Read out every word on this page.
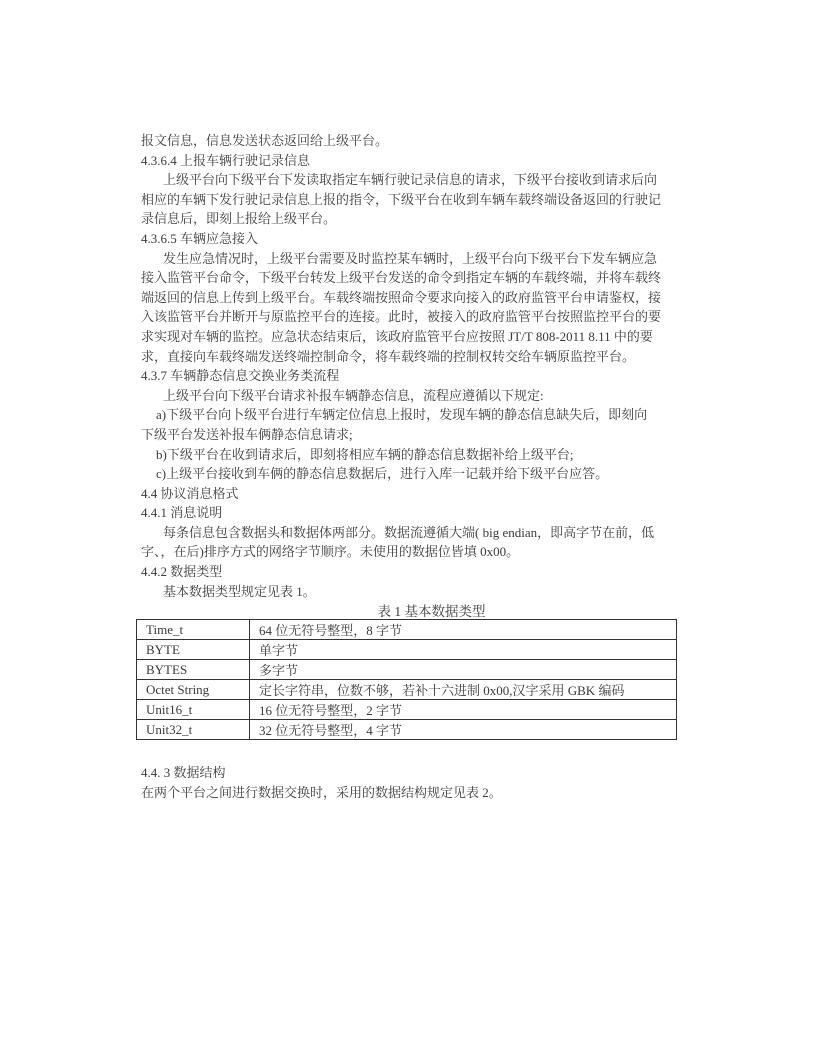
报文信息，信息发送状态返回给上级平台。
4.3.6.4 上报车辆行驶记录信息
上级平台向下级平台下发读取指定车辆行驶记录信息的请求，下级平台接收到请求后向
相应的车辆下发行驶记录信息上报的指令，下级平台在收到车辆车载终端设备返回的行驶记
录信息后，即刻上报给上级平台。
4.3.6.5 车辆应急接入
发生应急情况时，上级平台需要及时监控某车辆时，上级平台向下级平台下发车辆应急
接入监管平台命令，下级平台转发上级平台发送的命令到指定车辆的车载终端，并将车载终
端返回的信息上传到上级平台。车载终端按照命令要求向接入的政府监管平台申请鉴权，接
入该监管平台并断开与原监控平台的连接。此时，被接入的政府监管平台按照监控平台的要
求实现对车辆的监控。应急状态结束后，该政府监管平台应按照 JT/T 808-2011 8.11 中的要
求，直接向车载终端发送终端控制命令，将车载终端的控制权转交给车辆原监控平台。
4.3.7 车辆静态信息交换业务类流程
上级平台向下级平台请求补报车辆静态信息，流程应遵循以下规定:
a)下级平台向卜级平台进行车辆定位信息上报时，发现车辆的静态信息缺失后，即刻向
下级平台发送补报车俩静态信息请求;
b)下级平台在收到请求后，即刻将相应车辆的静态信息数据补给上级平台;
c)上级平台接收到车俩的静态信息数据后，进行入库一记载并给下级平台应答。
4.4 协议消息格式
4.4.1 消息说明
每条信息包含数据头和数据体两部分。数据流遵循大端( big endian，即高字节在前，低
字、，在后)排序方式的网络字节顺序。未使用的数据位皆填 0x00。
4.4.2 数据类型
基本数据类型规定见表 1。
表 1 基本数据类型
Time_t	64 位无符号整型，8 字节
BYTE	单字节
BYTES	多字节
Octet String	定长字符串，位数不够，若补十六进制 0x00,汉字采用 GBK 编码
Unit16_t	16 位无符号整型，2 字节
Unit32_t	32 位无符号整型，4 字节
4.4. 3 数据结构
在两个平台之间进行数据交换时，采用的数据结构规定见表 2。
